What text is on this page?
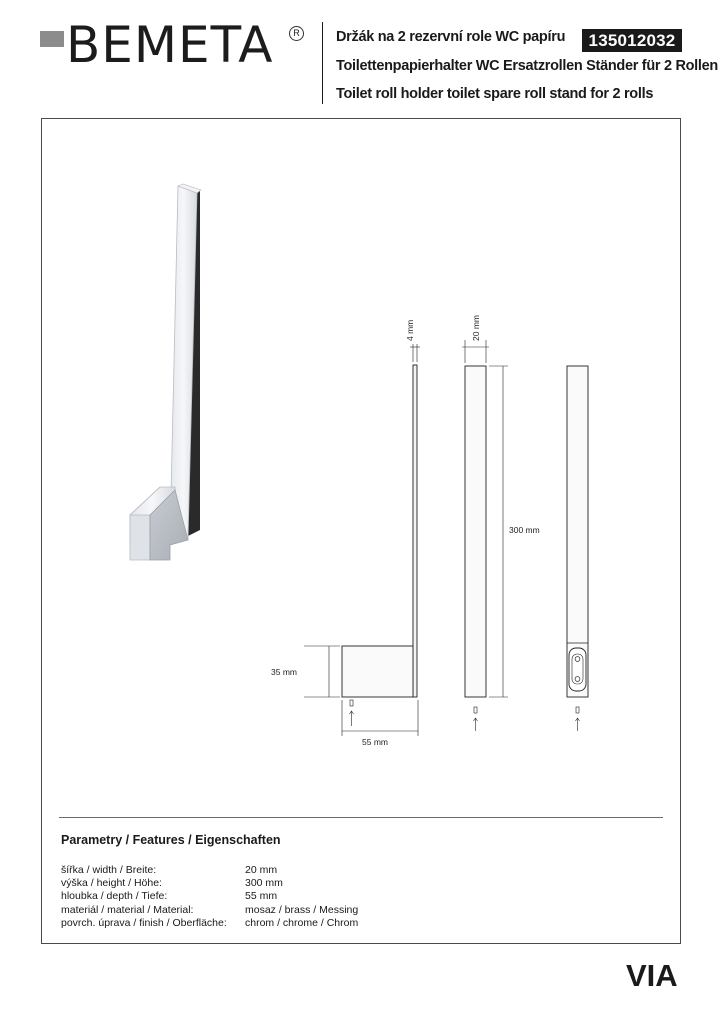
BEMETA	R	Držák na 2 rezervní role WC papíru
Toilettenpapierhalter WC Ersatzrollen Ständer für 2 Rollen
Toilet roll holder toilet spare roll stand for 2 rolls
135012032
4 mm	20 mm
300 mm
35 mm
55 mm
Parametry / Features / Eigenschaften
šířka / width / Breite:	20 mm
výška / height / Höhe:	300 mm
hloubka / depth / Tiefe:	55 mm
materiál / material / Material:	mosaz / brass / Messing
povrch. úprava / finish / Oberfläche: chrom / chrome / Chrom
VIA
